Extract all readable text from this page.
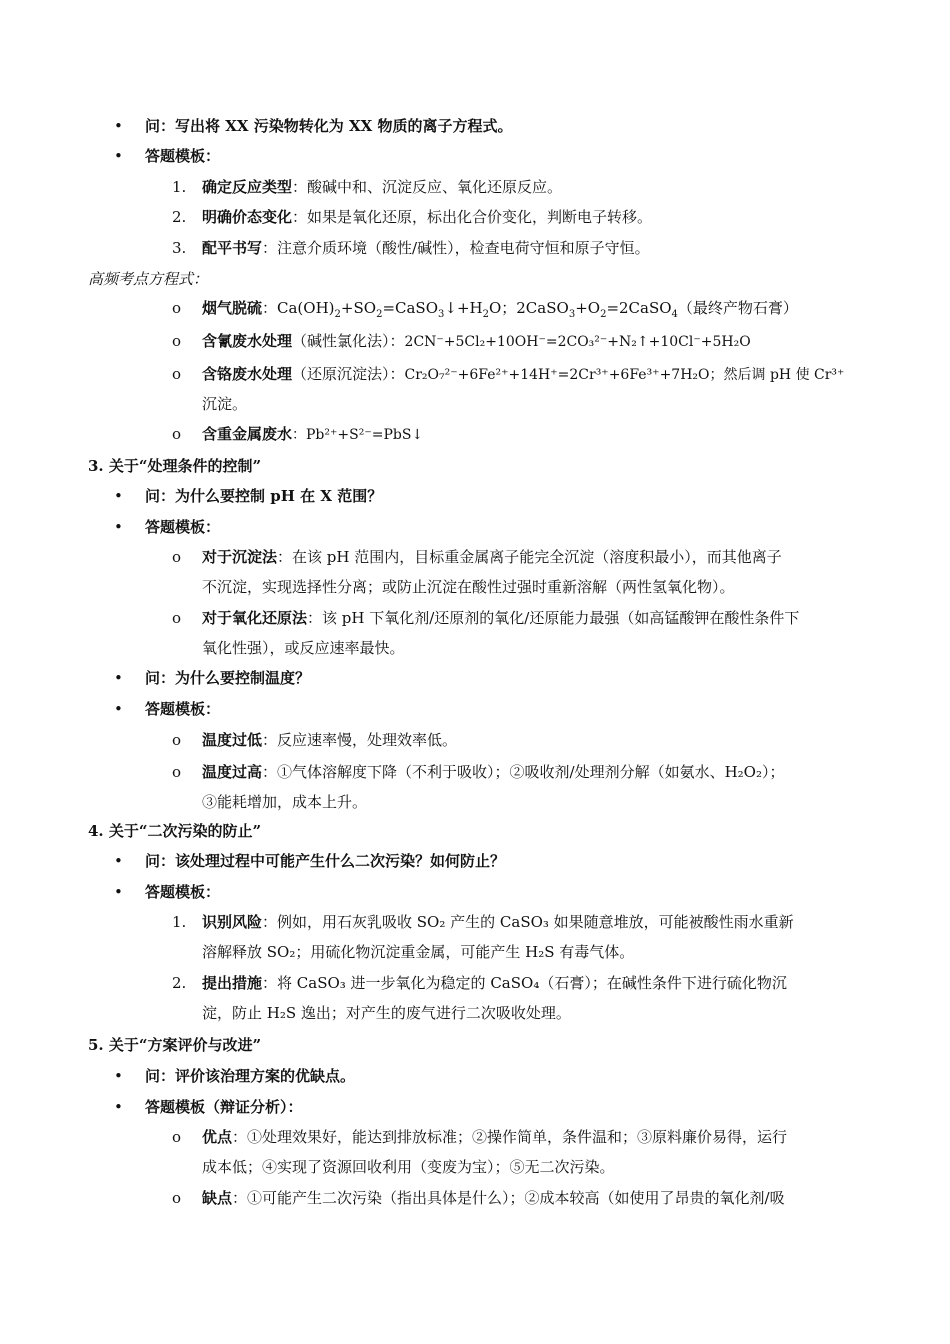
• 问：写出将 XX 污染物转化为 XX 物质的离子方程式。
• 答题模板：
1. 确定反应类型：酸碱中和、沉淀反应、氧化还原反应。
2. 明确价态变化：如果是氧化还原，标出化合价变化，判断电子转移。
3. 配平书写：注意介质环境（酸性/碱性），检查电荷守恒和原子守恒。
高频考点方程式：
o 烟气脱硫：$Ca(OH)_2+SO_2=CaSO_3↓+H_2O$；$2CaSO_3+O_2=2CaSO_4$（最终产物石膏）
o 含氰废水处理（碱性氯化法）：2CN⁻+5Cl₂+10OH⁻=2CO₃²⁻+N₂↑+10Cl⁻+5H₂O
o 含铬废水处理（还原沉淀法）：Cr₂O₇²⁻+6Fe²⁺+14H⁺=2Cr³⁺+6Fe³⁺+7H₂O；然后调 pH 使 Cr³⁺
沉淀。
o 含重金属废水：Pb²⁺+S²⁻=PbS↓
3. 关于“处理条件的控制”
• 问：为什么要控制 pH 在 X 范围？
• 答题模板：
o 对于沉淀法：在该 pH 范围内，目标重金属离子能完全沉淀（溶度积最小），而其他离子
不沉淀，实现选择性分离；或防止沉淀在酸性过强时重新溶解（两性氢氧化物）。
o 对于氧化还原法：该 pH 下氧化剂/还原剂的氧化/还原能力最强（如高锰酸钾在酸性条件下
氧化性强），或反应速率最快。
• 问：为什么要控制温度？
• 答题模板：
o 温度过低：反应速率慢，处理效率低。
o 温度过高：①气体溶解度下降（不利于吸收）；②吸收剂/处理剂分解（如氨水、H₂O₂）；
③能耗增加，成本上升。
4. 关于“二次污染的防止”
• 问：该处理过程中可能产生什么二次污染？如何防止？
• 答题模板：
1. 识别风险：例如，用石灰乳吸收 SO₂ 产生的 CaSO₃ 如果随意堆放，可能被酸性雨水重新
溶解释放 SO₂；用硫化物沉淀重金属，可能产生 H₂S 有毒气体。
2. 提出措施：将 CaSO₃ 进一步氧化为稳定的 CaSO₄（石膏）；在碱性条件下进行硫化物沉
淀，防止 H₂S 逸出；对产生的废气进行二次吸收处理。
5. 关于“方案评价与改进”
• 问：评价该治理方案的优缺点。
• 答题模板（辩证分析）：
o 优点：①处理效果好，能达到排放标准；②操作简单，条件温和；③原料廉价易得，运行
成本低；④实现了资源回收利用（变废为宝）；⑤无二次污染。
o 缺点：①可能产生二次污染（指出具体是什么）；②成本较高（如使用了昂贵的氧化剂/吸
